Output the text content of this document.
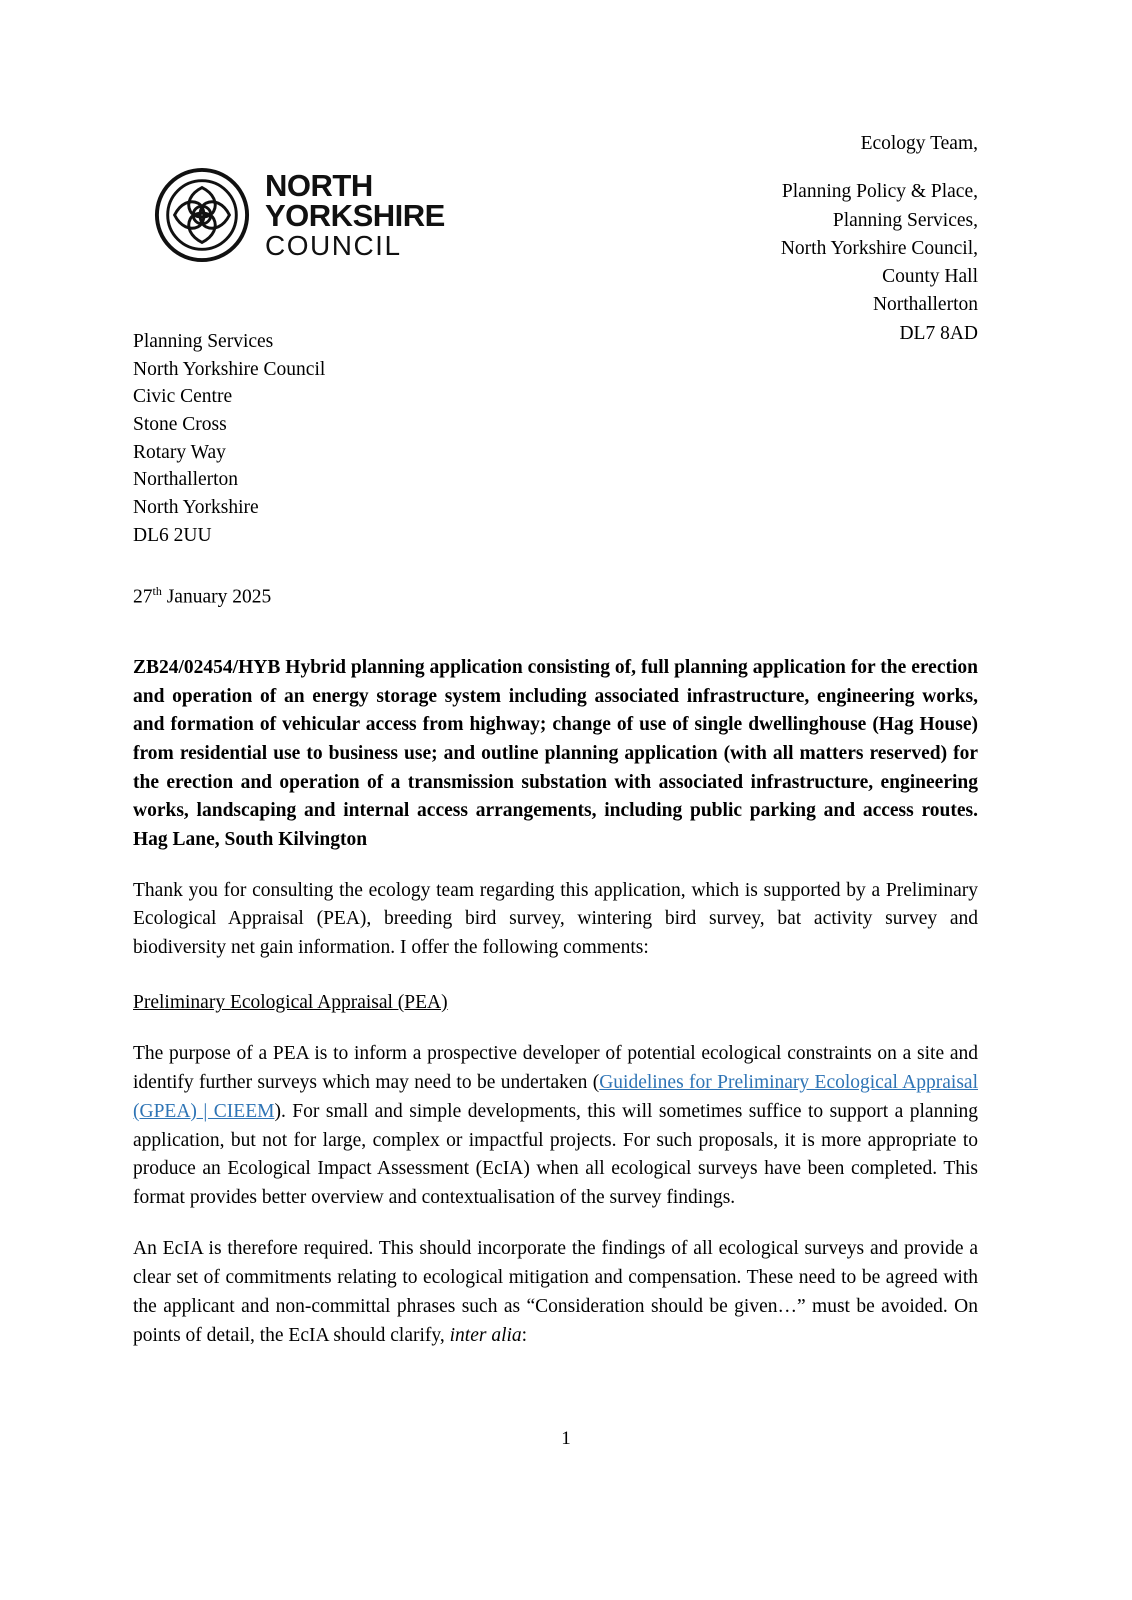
NORTH
YORKSHIRE
COUNCIL
Ecology Team,
Planning Policy & Place,
Planning Services,
North Yorkshire Council,
County Hall
Northallerton
DL7 8AD
Planning Services
North Yorkshire Council
Civic Centre
Stone Cross
Rotary Way
Northallerton
North Yorkshire
DL6 2UU
27th January 2025
ZB24/02454/HYB Hybrid planning application consisting of, full planning application for the erection and operation of an energy storage system including associated infrastructure, engineering works, and formation of vehicular access from highway; change of use of single dwellinghouse (Hag House) from residential use to business use; and outline planning application (with all matters reserved) for the erection and operation of a transmission substation with associated infrastructure, engineering works, landscaping and internal access arrangements, including public parking and access routes. Hag Lane, South Kilvington

Thank you for consulting the ecology team regarding this application, which is supported by a Preliminary Ecological Appraisal (PEA), breeding bird survey, wintering bird survey, bat activity survey and biodiversity net gain information. I offer the following comments:

Preliminary Ecological Appraisal (PEA)

The purpose of a PEA is to inform a prospective developer of potential ecological constraints on a site and identify further surveys which may need to be undertaken (Guidelines for Preliminary Ecological Appraisal (GPEA) | CIEEM). For small and simple developments, this will sometimes suffice to support a planning application, but not for large, complex or impactful projects. For such proposals, it is more appropriate to produce an Ecological Impact Assessment (EcIA) when all ecological surveys have been completed. This format provides better overview and contextualisation of the survey findings.

An EcIA is therefore required. This should incorporate the findings of all ecological surveys and provide a clear set of commitments relating to ecological mitigation and compensation. These need to be agreed with the applicant and non-committal phrases such as “Consideration should be given…” must be avoided. On points of detail, the EcIA should clarify, inter alia:

1
